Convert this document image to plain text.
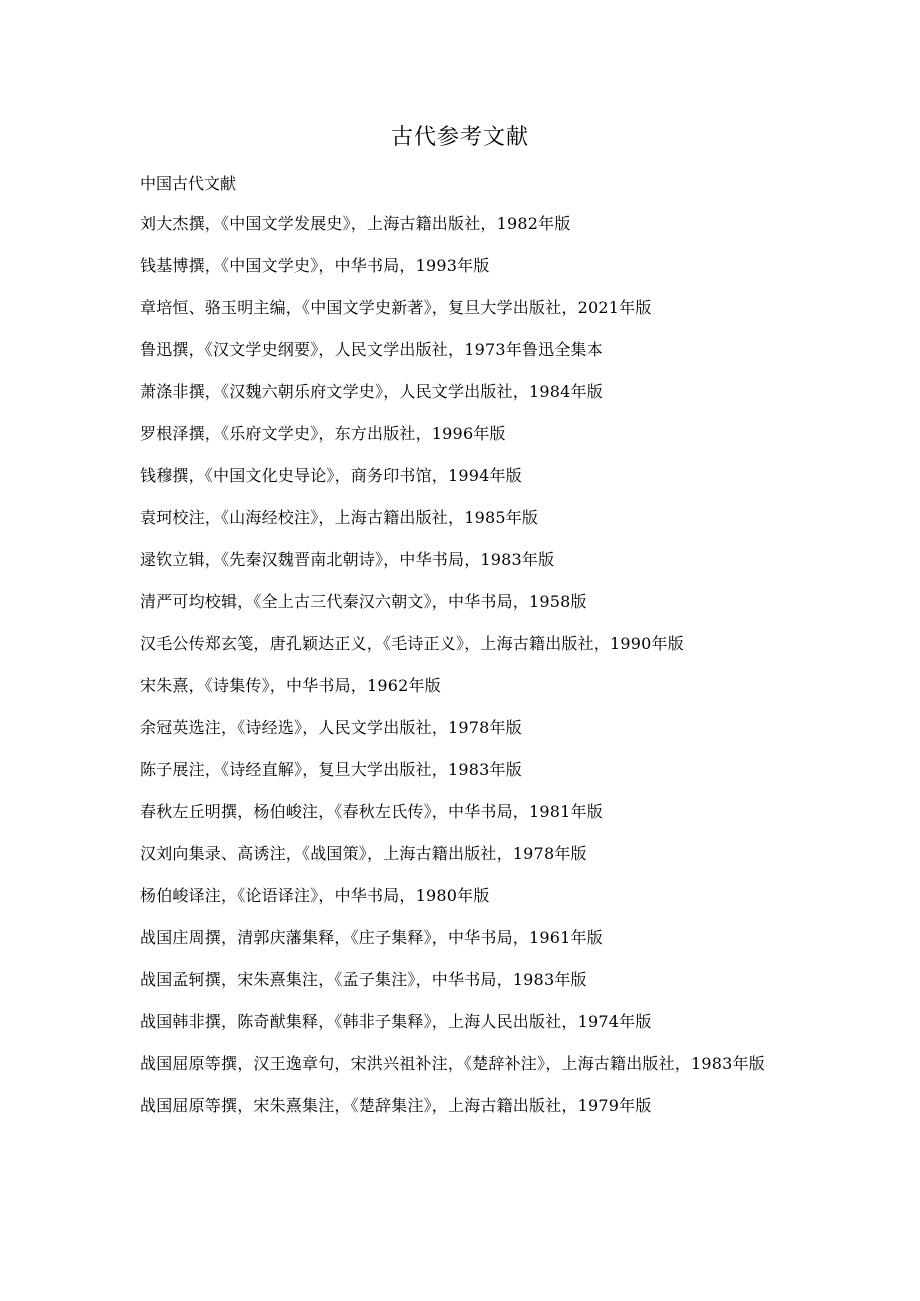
古代参考文献
中国古代文献
刘大杰撰，《中国文学发展史》，上海古籍出版社，1982年版
钱基博撰，《中国文学史》，中华书局，1993年版
章培恒、骆玉明主编，《中国文学史新著》，复旦大学出版社，2021年版
鲁迅撰，《汉文学史纲要》，人民文学出版社，1973年鲁迅全集本
萧涤非撰，《汉魏六朝乐府文学史》，人民文学出版社，1984年版
罗根泽撰，《乐府文学史》，东方出版社，1996年版
钱穆撰，《中国文化史导论》，商务印书馆，1994年版
袁珂校注，《山海经校注》，上海古籍出版社，1985年版
逯钦立辑，《先秦汉魏晋南北朝诗》，中华书局，1983年版
清严可均校辑，《全上古三代秦汉六朝文》，中华书局，1958版
汉毛公传郑玄笺，唐孔颖达正义，《毛诗正义》，上海古籍出版社，1990年版
宋朱熹，《诗集传》，中华书局，1962年版
余冠英选注，《诗经选》，人民文学出版社，1978年版
陈子展注，《诗经直解》，复旦大学出版社，1983年版
春秋左丘明撰，杨伯峻注，《春秋左氏传》，中华书局，1981年版
汉刘向集录、高诱注，《战国策》，上海古籍出版社，1978年版
杨伯峻译注，《论语译注》，中华书局，1980年版
战国庄周撰，清郭庆藩集释，《庄子集释》，中华书局，1961年版
战国孟轲撰，宋朱熹集注，《孟子集注》，中华书局，1983年版
战国韩非撰，陈奇猷集释，《韩非子集释》，上海人民出版社，1974年版
战国屈原等撰，汉王逸章句，宋洪兴祖补注，《楚辞补注》，上海古籍出版社，1983年版
战国屈原等撰，宋朱熹集注，《楚辞集注》，上海古籍出版社，1979年版
